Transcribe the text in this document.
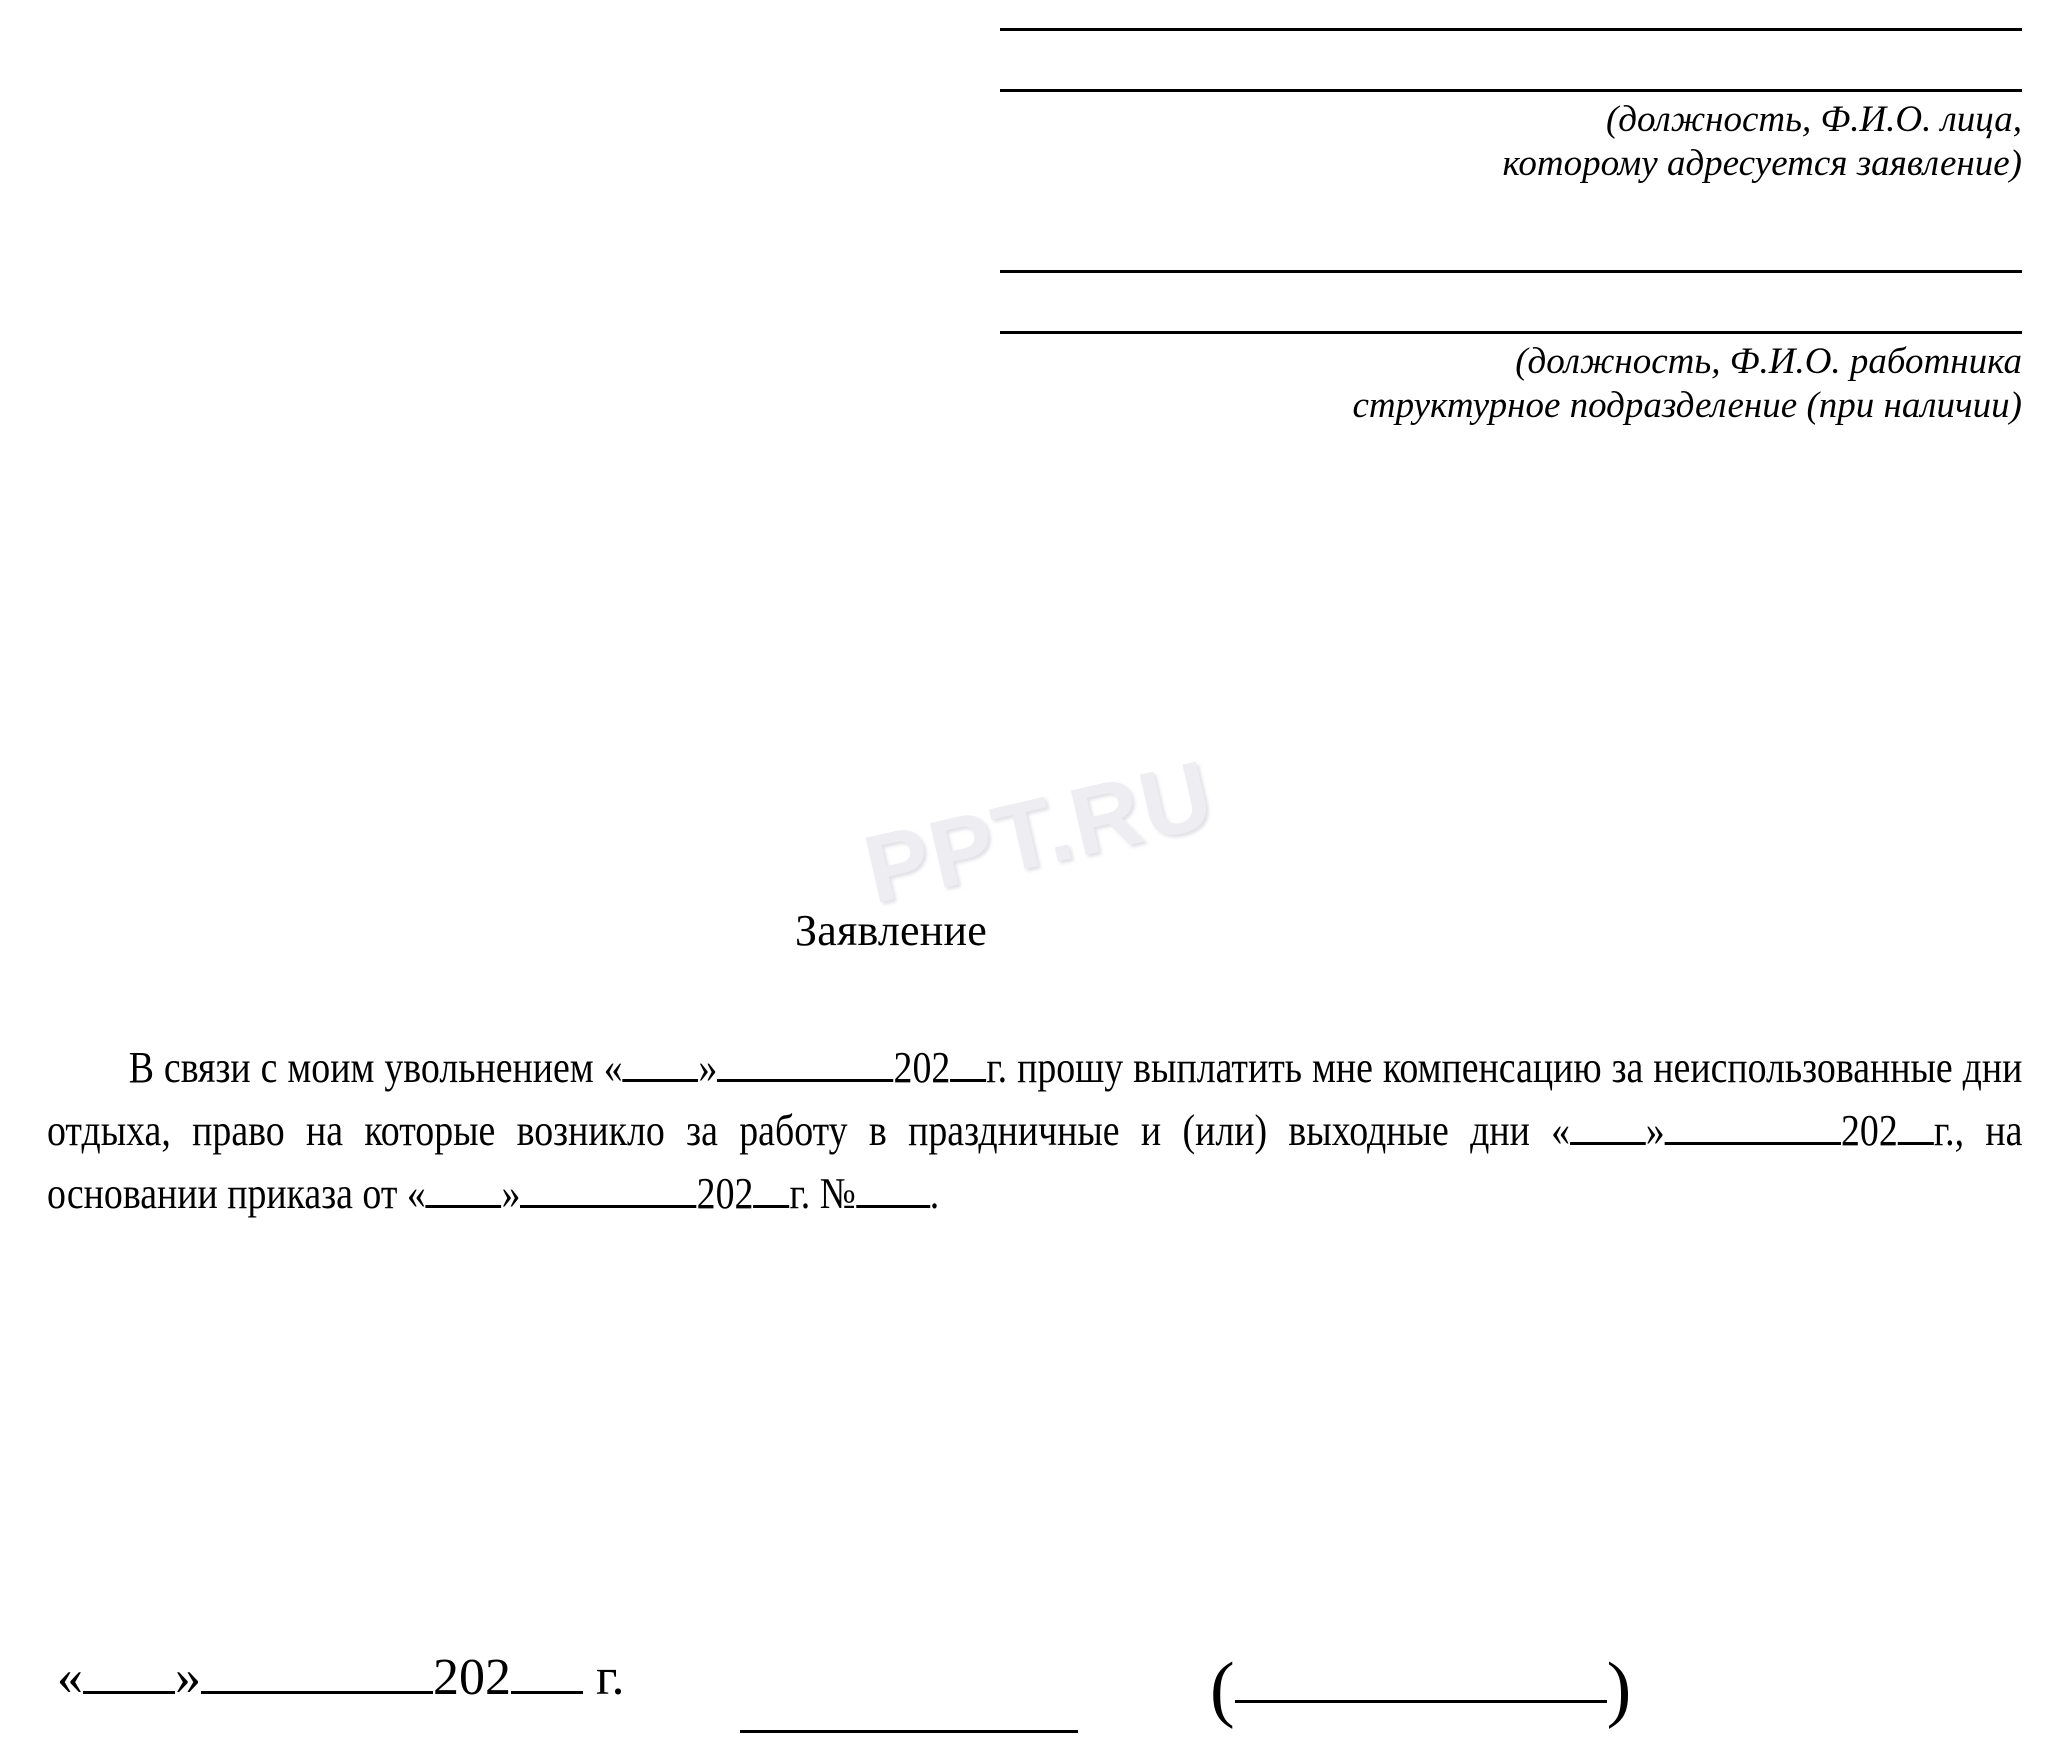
PPT.RU
(должность, Ф.И.О. лица,
которому адресуется заявление)
(должность, Ф.И.О. работника
структурное подразделение (при наличии)
Заявление
В связи с моим увольнением « »	202 г. прошу выплатить мне компенсацию за неиспользованные дни отдыха, право на которые возникло за работу в праздничные и (или) выходные дни « »	202 г., на основании приказа от « »	202 г. № .
« »	202 г.	(	)
